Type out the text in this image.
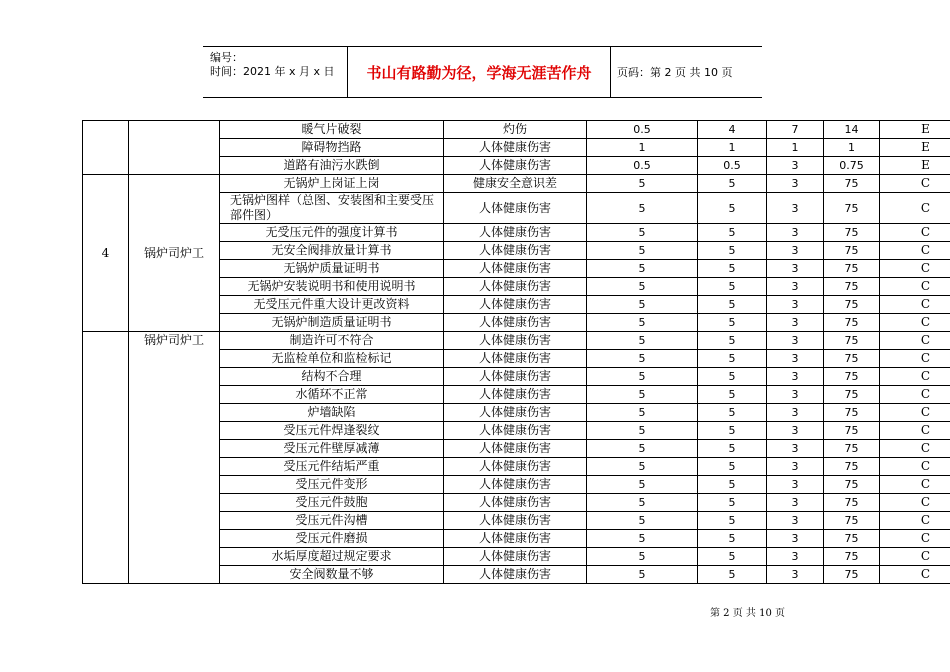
编号：
时间：2021 年 x 月 x 日	书山有路勤为径，学海无涯苦作舟	页码：第 2 页 共 10 页
		暖气片破裂	灼伤	0.5	4	7	14	E
		障碍物挡路	人体健康伤害	1	1	1	1	E
		道路有油污水跌倒	人体健康伤害	0.5	0.5	3	0.75	E
4	锅炉司炉工	无锅炉上岗证上岗	健康安全意识差	5	5	3	75	C
		无锅炉图样（总图、安装图和主要受压部件图）	人体健康伤害	5	5	3	75	C
		无受压元件的强度计算书	人体健康伤害	5	5	3	75	C
		无安全阀排放量计算书	人体健康伤害	5	5	3	75	C
		无锅炉质量证明书	人体健康伤害	5	5	3	75	C
		无锅炉安装说明书和使用说明书	人体健康伤害	5	5	3	75	C
		无受压元件重大设计更改资料	人体健康伤害	5	5	3	75	C
		无锅炉制造质量证明书	人体健康伤害	5	5	3	75	C
	锅炉司炉工	制造许可不符合	人体健康伤害	5	5	3	75	C
		无监检单位和监检标记	人体健康伤害	5	5	3	75	C
		结构不合理	人体健康伤害	5	5	3	75	C
		水循环不正常	人体健康伤害	5	5	3	75	C
		炉墙缺陷	人体健康伤害	5	5	3	75	C
		受压元件焊逢裂纹	人体健康伤害	5	5	3	75	C
		受压元件壁厚减薄	人体健康伤害	5	5	3	75	C
		受压元件结垢严重	人体健康伤害	5	5	3	75	C
		受压元件变形	人体健康伤害	5	5	3	75	C
		受压元件鼓胞	人体健康伤害	5	5	3	75	C
		受压元件沟槽	人体健康伤害	5	5	3	75	C
		受压元件磨损	人体健康伤害	5	5	3	75	C
		水垢厚度超过规定要求	人体健康伤害	5	5	3	75	C
		安全阀数量不够	人体健康伤害	5	5	3	75	C
第 2 页 共 10 页
